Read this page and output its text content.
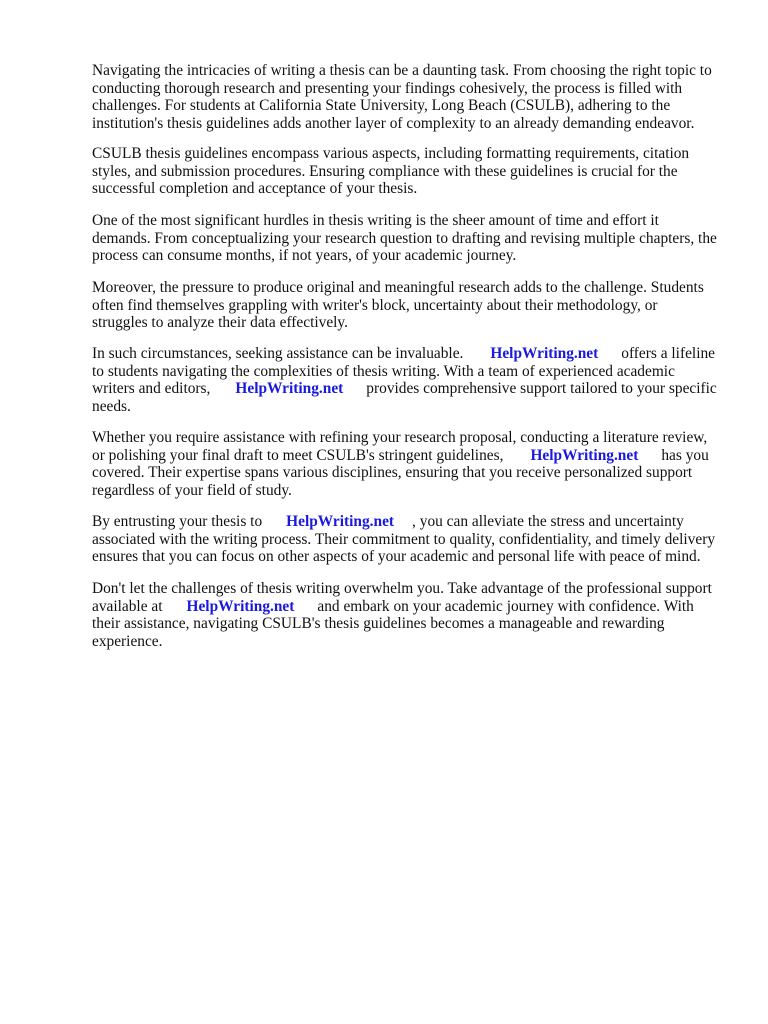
Navigating the intricacies of writing a thesis can be a daunting task. From choosing the right topic to
conducting thorough research and presenting your findings cohesively, the process is filled with
challenges. For students at California State University, Long Beach (CSULB), adhering to the
institution's thesis guidelines adds another layer of complexity to an already demanding endeavor.

CSULB thesis guidelines encompass various aspects, including formatting requirements, citation
styles, and submission procedures. Ensuring compliance with these guidelines is crucial for the
successful completion and acceptance of your thesis.

One of the most significant hurdles in thesis writing is the sheer amount of time and effort it
demands. From conceptualizing your research question to drafting and revising multiple chapters, the
process can consume months, if not years, of your academic journey.

Moreover, the pressure to produce original and meaningful research adds to the challenge. Students
often find themselves grappling with writer's block, uncertainty about their methodology, or
struggles to analyze their data effectively.

In such circumstances, seeking assistance can be invaluable. HelpWriting.net offers a lifeline
to students navigating the complexities of thesis writing. With a team of experienced academic
writers and editors, HelpWriting.net provides comprehensive support tailored to your specific
needs.

Whether you require assistance with refining your research proposal, conducting a literature review,
or polishing your final draft to meet CSULB's stringent guidelines, HelpWriting.net has you
covered. Their expertise spans various disciplines, ensuring that you receive personalized support
regardless of your field of study.

By entrusting your thesis to HelpWriting.net , you can alleviate the stress and uncertainty
associated with the writing process. Their commitment to quality, confidentiality, and timely delivery
ensures that you can focus on other aspects of your academic and personal life with peace of mind.

Don't let the challenges of thesis writing overwhelm you. Take advantage of the professional support
available at HelpWriting.net and embark on your academic journey with confidence. With
their assistance, navigating CSULB's thesis guidelines becomes a manageable and rewarding
experience.
